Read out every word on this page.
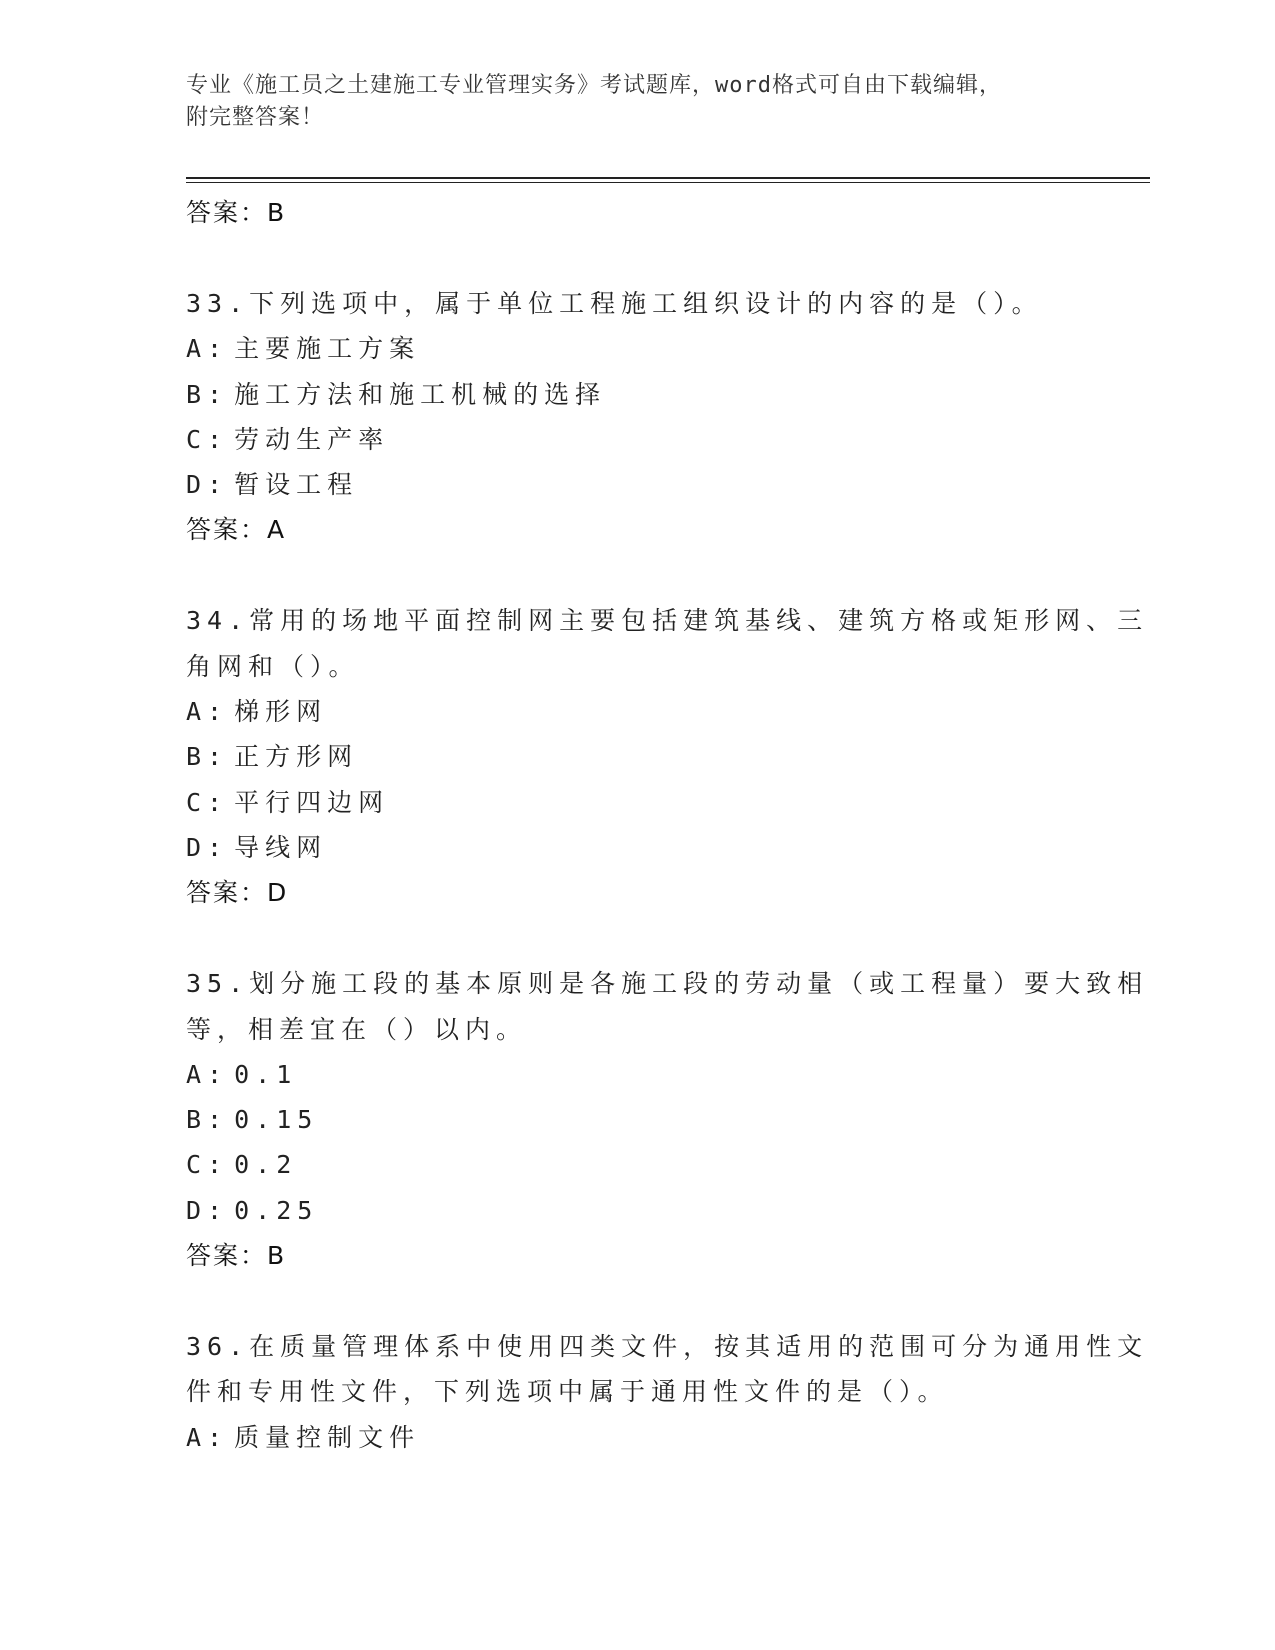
专业《施工员之土建施工专业管理实务》考试题库，word格式可自由下载编辑，
附完整答案！

答案：B
33.下列选项中，属于单位工程施工组织设计的内容的是（）。
A: 主要施工方案
B: 施工方法和施工机械的选择
C: 劳动生产率
D: 暂设工程
答案：A
34.常用的场地平面控制网主要包括建筑基线、建筑方格或矩形网、三
角网和（）。
A: 梯形网
B: 正方形网
C: 平行四边网
D: 导线网
答案：D
35.划分施工段的基本原则是各施工段的劳动量（或工程量）要大致相
等，相差宜在（）以内。
A: 0.1
B: 0.15
C: 0.2
D: 0.25
答案：B
36.在质量管理体系中使用四类文件，按其适用的范围可分为通用性文
件和专用性文件，下列选项中属于通用性文件的是（）。
A: 质量控制文件
